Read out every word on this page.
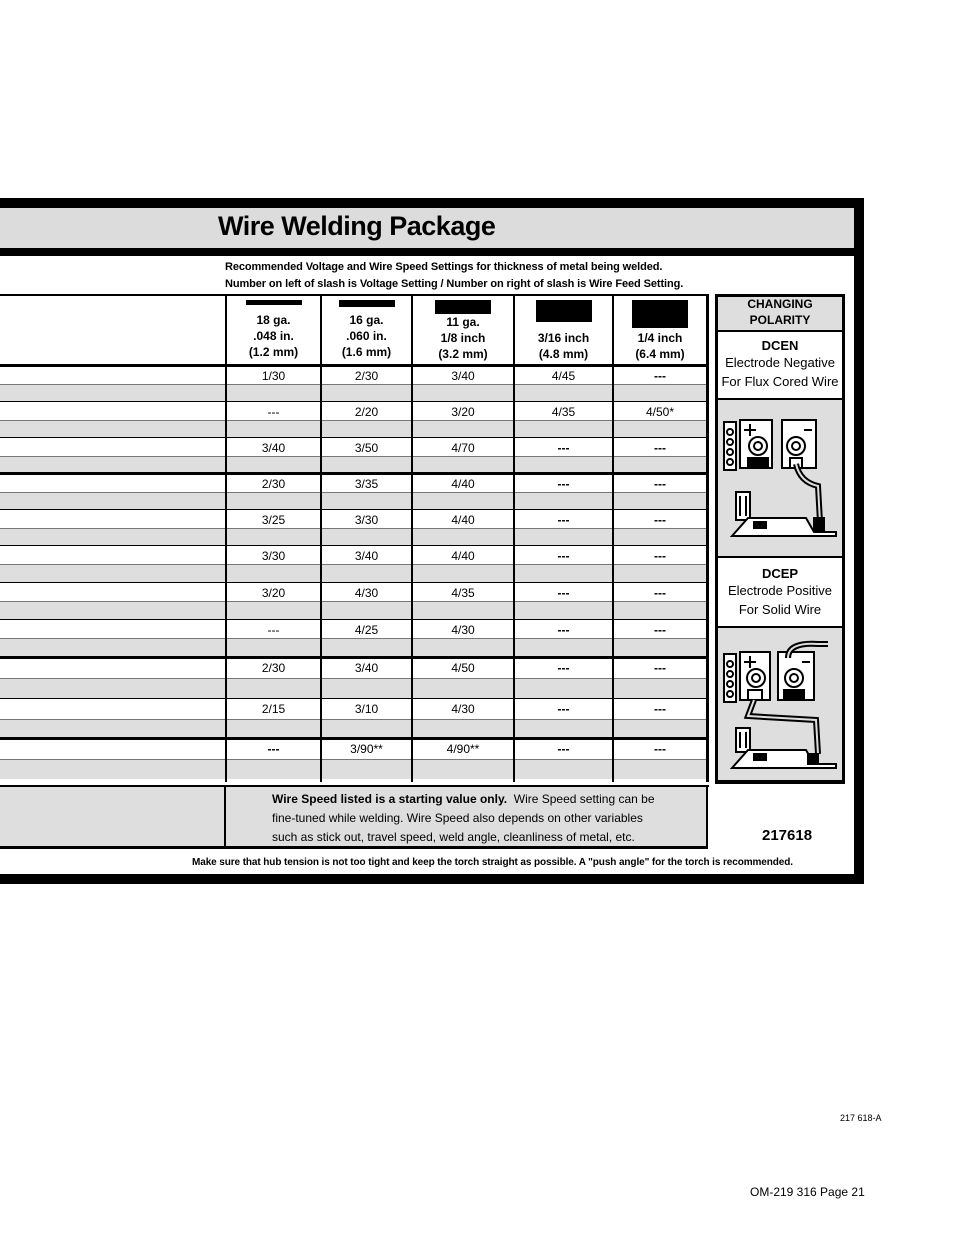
Wire Welding Package
Recommended Voltage and Wire Speed Settings for thickness of metal being welded.
Number on left of slash is Voltage Setting / Number on right of slash is Wire Feed Setting.
18 ga.
.048 in.
(1.2 mm)
16 ga.
.060 in.
(1.6 mm)
11 ga.
1/8 inch
(3.2 mm)
3/16 inch
(4.8 mm)
1/4 inch
(6.4 mm)
1/30	2/30	3/40	4/45	---
---	2/20	3/20	4/35	4/50*
3/40	3/50	4/70	---	---
2/30	3/35	4/40	---	---
3/25	3/30	4/40	---	---
3/30	3/40	4/40	---	---
3/20	4/30	4/35	---	---
---	4/25	4/30	---	---
2/30	3/40	4/50	---	---
2/15	3/10	4/30	---	---
---	3/90**	4/90**	---	---
CHANGING
POLARITY
DCEN
Electrode Negative
For Flux Cored Wire
DCEP
Electrode Positive
For Solid Wire
Wire Speed listed is a starting value only.  Wire Speed setting can be
fine-tuned while welding. Wire Speed also depends on other variables
such as stick out, travel speed, weld angle, cleanliness of metal, etc.	217618
Make sure that hub tension is not too tight and keep the torch straight as possible. A "push angle" for the torch is recommended.
217 618-A
OM-219 316 Page 21
